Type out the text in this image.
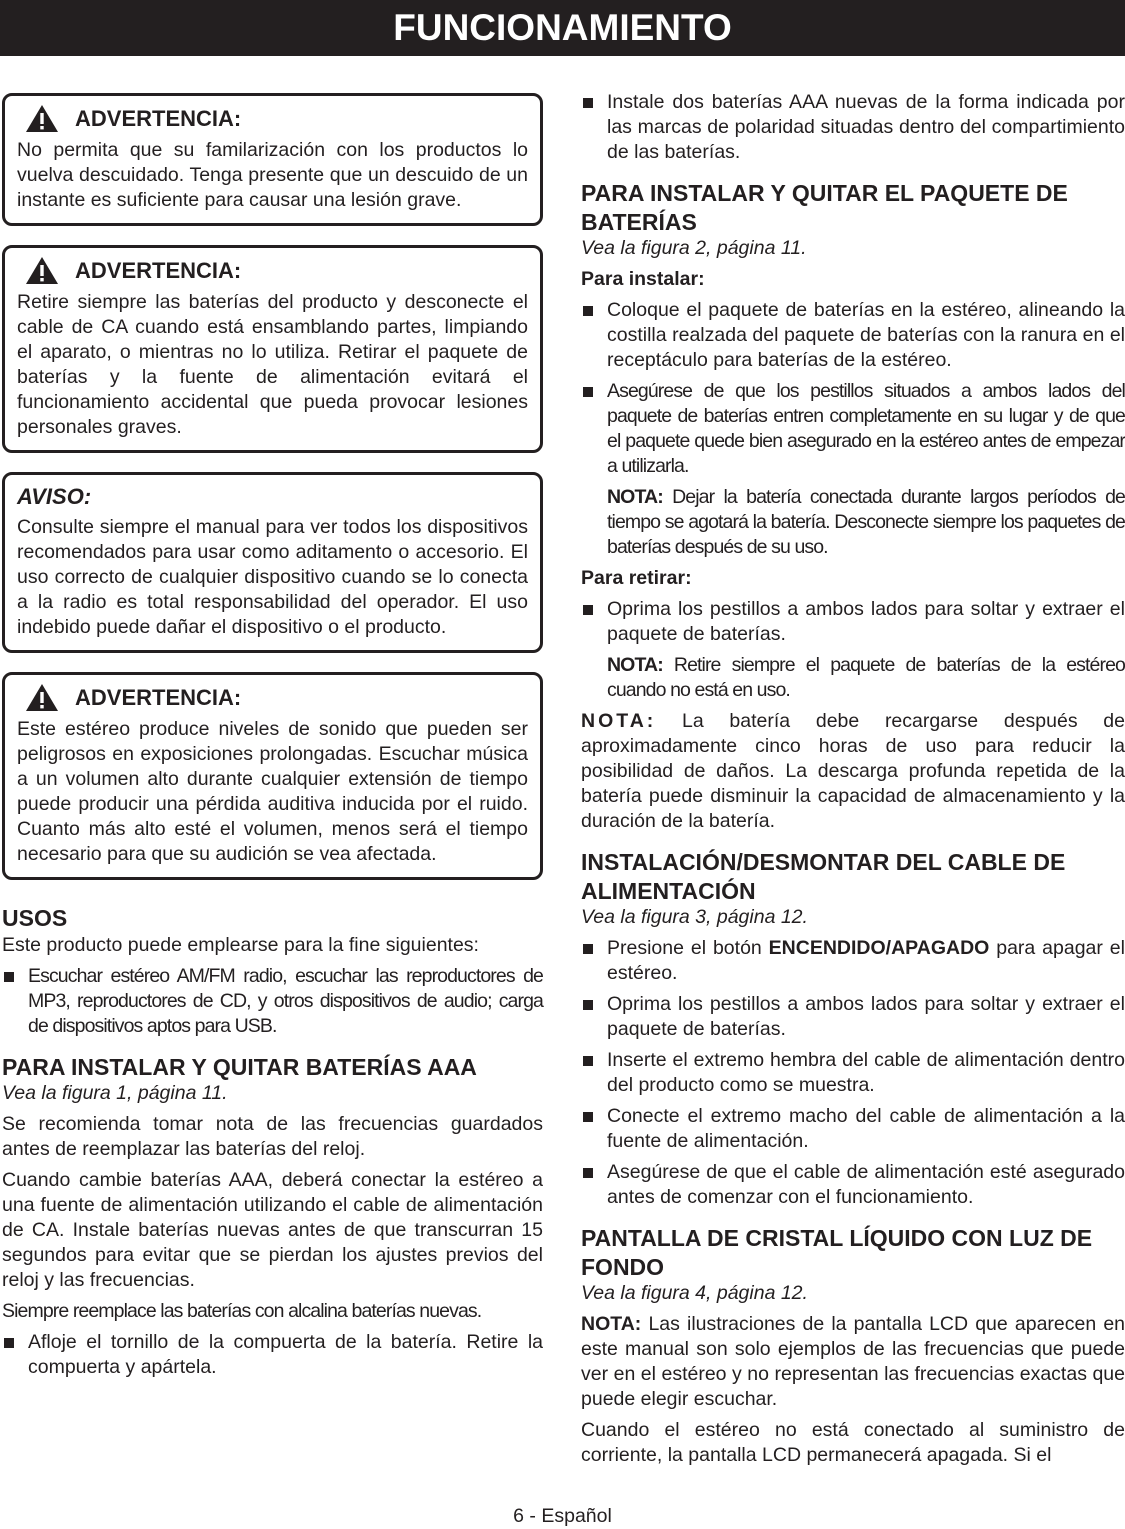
FUNCIONAMIENTO
ADVERTENCIA:

No permita que su familarización con los productos lo vuelva descuidado. Tenga presente que un descuido de un instante es suficiente para causar una lesión grave.

ADVERTENCIA:

Retire siempre las baterías del producto y desconecte el cable de CA cuando está ensamblando partes, limpiando el aparato, o mientras no lo utiliza. Retirar el paquete de baterías y la fuente de alimentación evitará el funcionamiento accidental que pueda provocar lesiones personales graves.

AVISO:

Consulte siempre el manual para ver todos los dispositivos recomendados para usar como aditamento o accesorio. El uso correcto de cualquier dispositivo cuando se lo conecta a la radio es total responsabilidad del operador. El uso indebido puede dañar el dispositivo o el producto.

ADVERTENCIA:

Este estéreo produce niveles de sonido que pueden ser peligrosos en exposiciones prolongadas. Escuchar música a un volumen alto durante cualquier extensión de tiempo puede producir una pérdida auditiva inducida por el ruido. Cuanto más alto esté el volumen, menos será el tiempo necesario para que su audición se vea afectada.

USOS

Este producto puede emplearse para la fine siguientes:

Escuchar estéreo AM/FM radio, escuchar las reproductores de MP3, reproductores de CD, y otros dispositivos de audio; carga de dispositivos aptos para USB.
PARA INSTALAR Y QUITAR BATERÍAS AAA
Vea la figura 1, página 11.

Se recomienda tomar nota de las frecuencias guardados antes de reemplazar las baterías del reloj.

Cuando cambie baterías AAA, deberá conectar la estéreo a una fuente de alimentación utilizando el cable de alimentación de CA. Instale baterías nuevas antes de que transcurran 15 segundos para evitar que se pierdan los ajustes previos del reloj y las frecuencias.

Siempre reemplace las baterías con alcalina baterías nuevas.

Afloje el tornillo de la compuerta de la batería. Retire la compuerta y apártela.
Instale dos baterías AAA nuevas de la forma indicada por las marcas de polaridad situadas dentro del compartimiento de las baterías.
PARA INSTALAR Y QUITAR EL PAQUETE DE BATERÍAS
Vea la figura 2, página 11.
Para instalar:
Coloque el paquete de baterías en la estéreo, alineando la costilla realzada del paquete de baterías con la ranura en el receptáculo para baterías de la estéreo.
Asegúrese de que los pestillos situados a ambos lados del paquete de baterías entren completamente en su lugar y de que el paquete quede bien asegurado en la estéreo antes de empezar a utilizarla.
NOTA: Dejar la batería conectada durante largos períodos de tiempo se agotará la batería. Desconecte siempre los paquetes de baterías después de su uso.
Para retirar:
Oprima los pestillos a ambos lados para soltar y extraer el paquete de baterías.
NOTA: Retire siempre el paquete de baterías de la estéreo cuando no está en uso.

NOTA: La batería debe recargarse después de aproximadamente cinco horas de uso para reducir la posibilidad de daños. La descarga profunda repetida de la batería puede disminuir la capacidad de almacenamiento y la duración de la batería.

INSTALACIÓN/DESMONTAR DEL CABLE DE ALIMENTACIÓN
Vea la figura 3, página 12.
Presione el botón ENCENDIDO/APAGADO para apagar el estéreo.
Oprima los pestillos a ambos lados para soltar y extraer el paquete de baterías.
Inserte el extremo hembra del cable de alimentación dentro del producto como se muestra.
Conecte el extremo macho del cable de alimentación a la fuente de alimentación.
Asegúrese de que el cable de alimentación esté asegurado antes de comenzar con el funcionamiento.
PANTALLA DE CRISTAL LÍQUIDO CON LUZ DE FONDO
Vea la figura 4, página 12.

NOTA: Las ilustraciones de la pantalla LCD que aparecen en este manual son solo ejemplos de las frecuencias que puede ver en el estéreo y no representan las frecuencias exactas que puede elegir escuchar.

Cuando el estéreo no está conectado al suministro de corriente, la pantalla LCD permanecerá apagada. Si el

6 - Español
